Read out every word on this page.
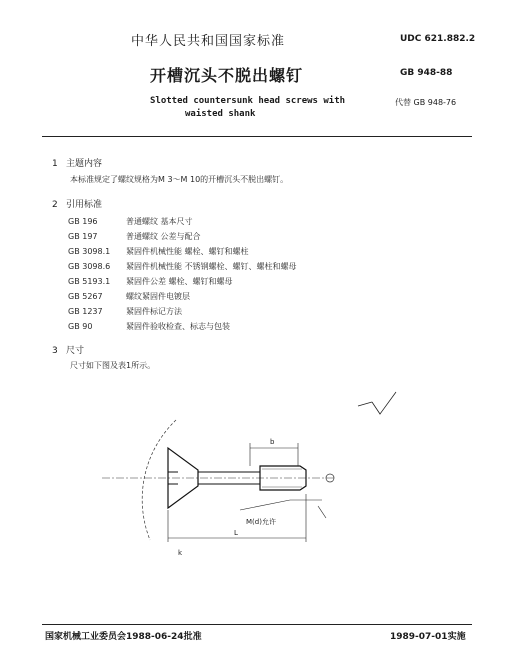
中华人民共和国国家标准	UDC 621.882.2
开槽沉头不脱出螺钉	GB 948-88
Slotted countersunk head screws with
waisted shank
代替 GB 948-76
1 主题内容
本标准规定了螺纹规格为M 3～M 10的开槽沉头不脱出螺钉。
2 引用标准
GB 196	普通螺纹 基本尺寸
GB 197	普通螺纹 公差与配合
GB 3098.1 紧固件机械性能 螺栓、螺钉和螺柱
GB 3098.6 紧固件机械性能 不锈钢螺栓、螺钉、螺柱和螺母
GB 5193.1 紧固件公差 螺栓、螺钉和螺母
GB 5267	螺纹紧固件电镀层
GB 1237	紧固件标记方法
GB 90	紧固件验收检查、标志与包装
3 尺寸
尺寸如下图及表1所示。
b
M(d)允许
L
k
国家机械工业委员会1988-06-24批准	1989-07-01实施
